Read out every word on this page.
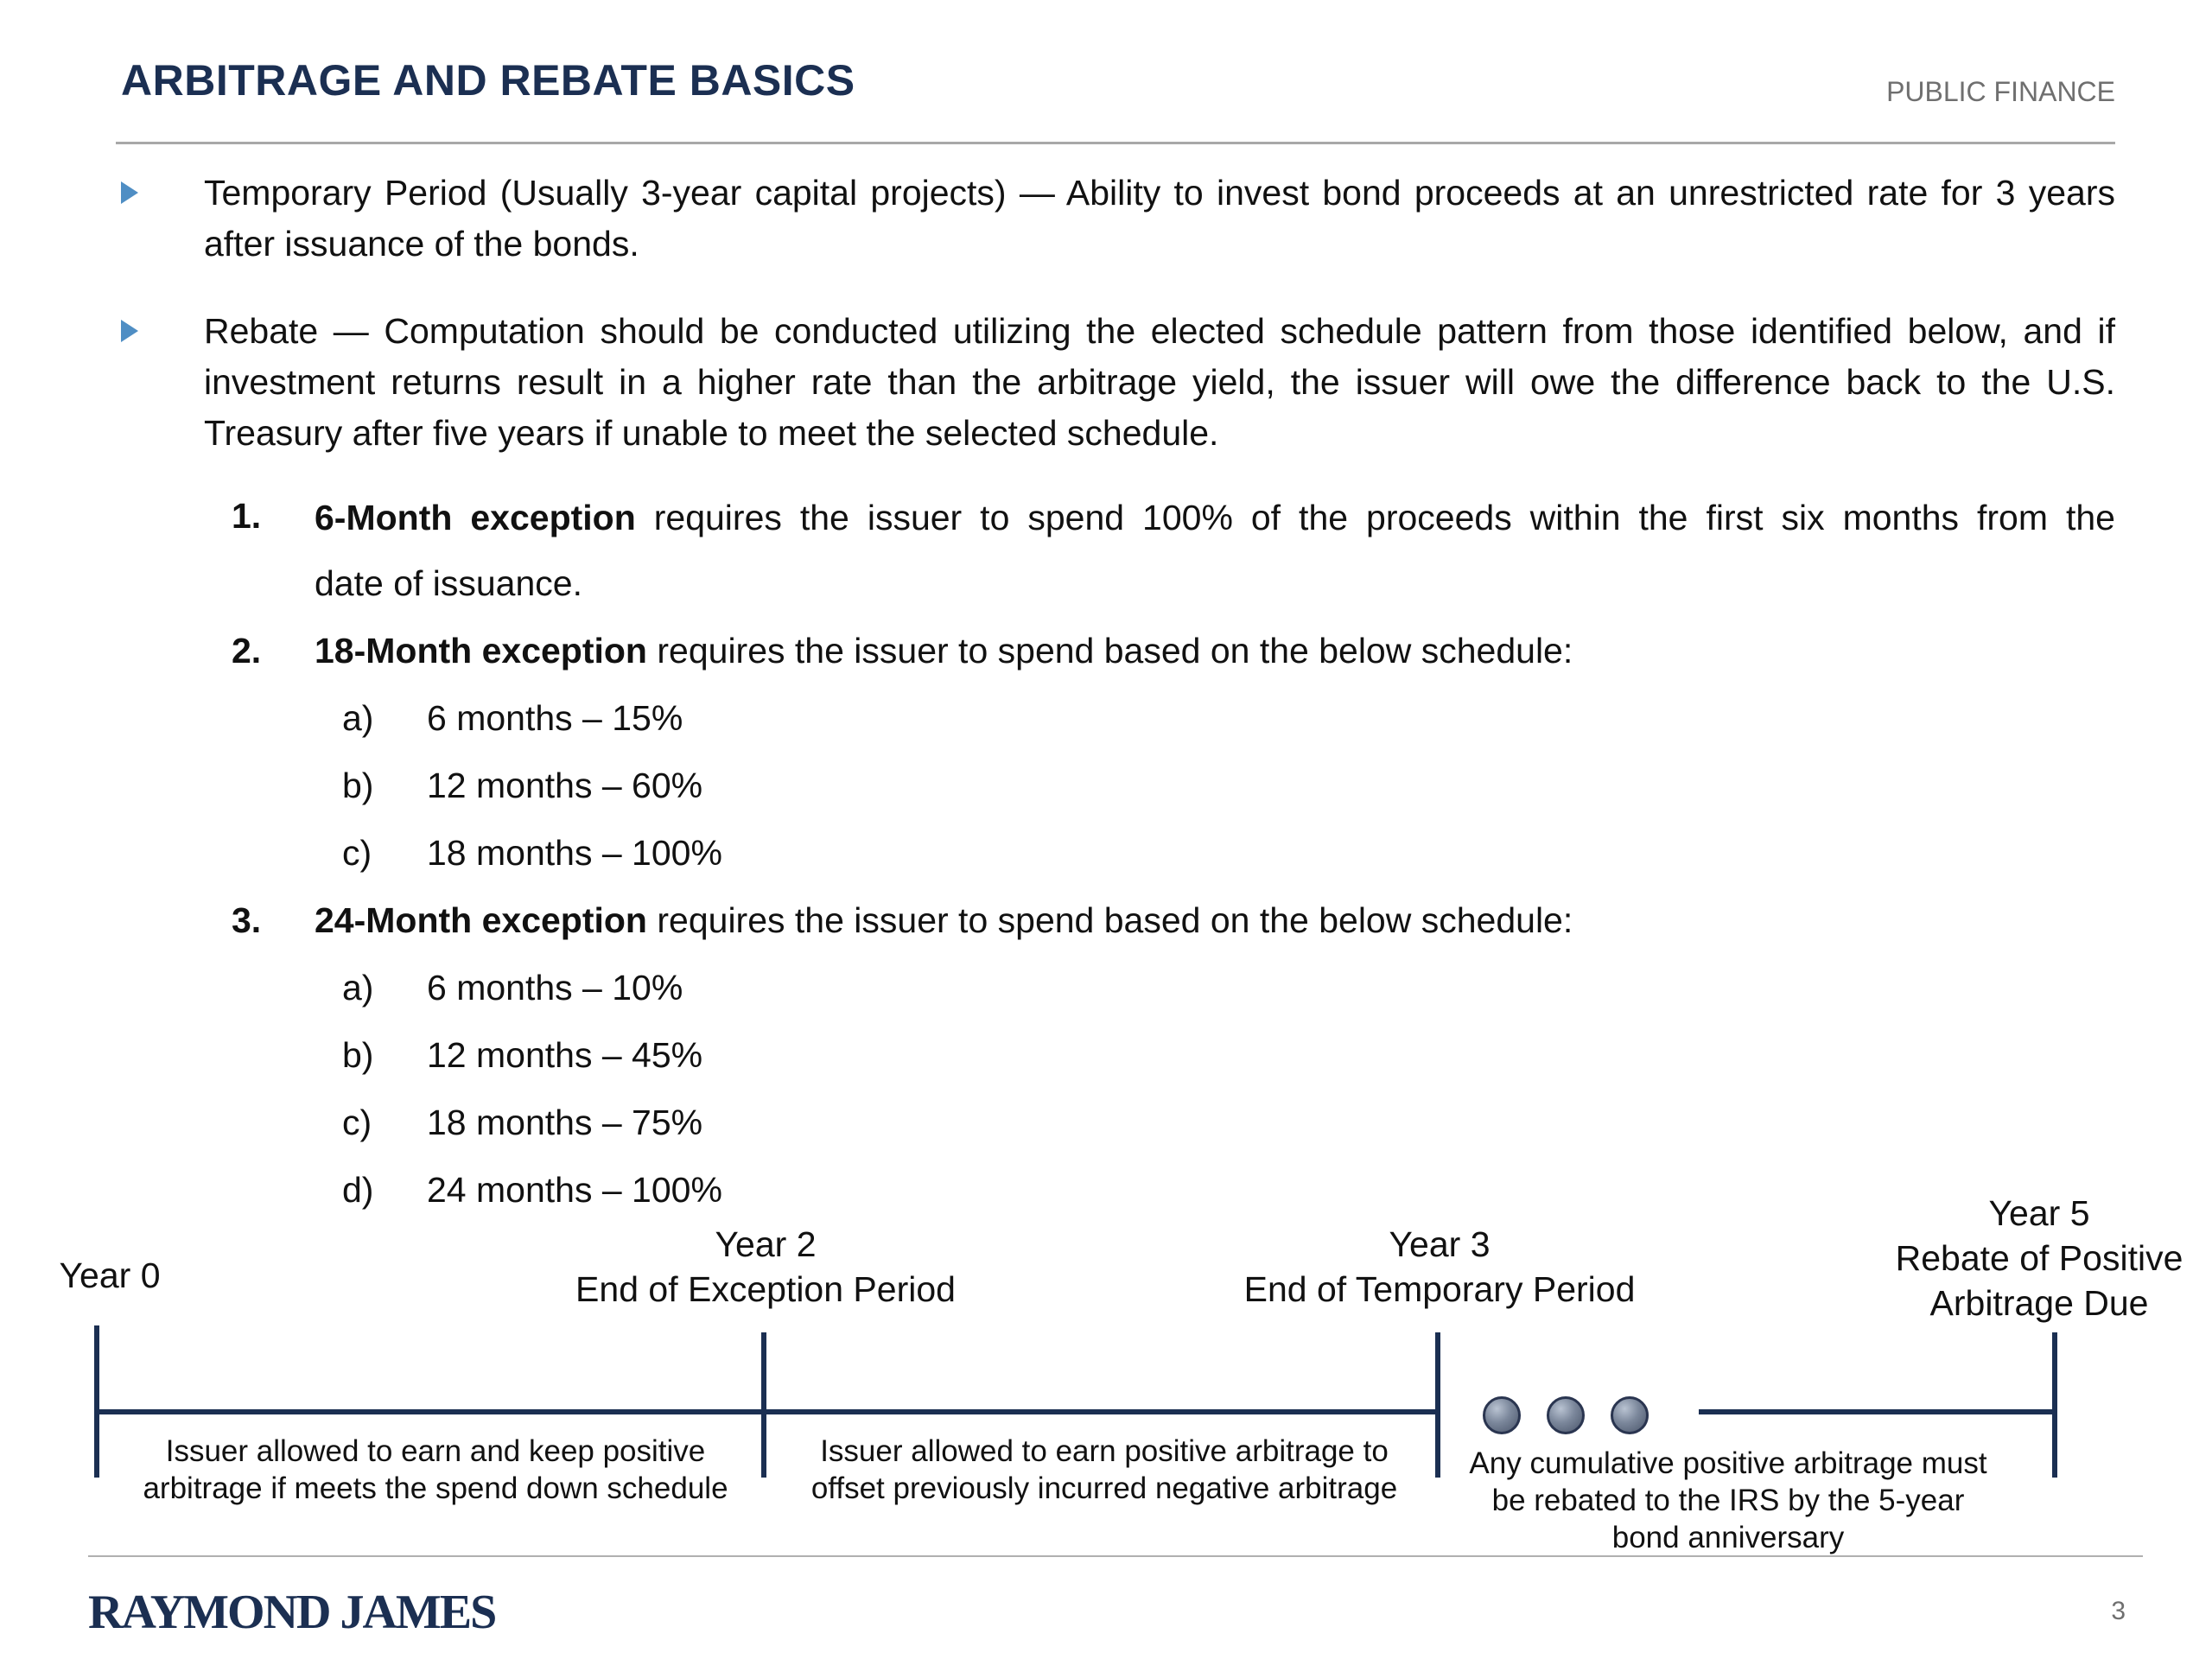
ARBITRAGE AND REBATE BASICS	PUBLIC FINANCE
Temporary Period (Usually 3-year capital projects) — Ability to invest bond proceeds at an unrestricted rate for 3 years after issuance of the bonds.
Rebate — Computation should be conducted utilizing the elected schedule pattern from those identified below, and if investment returns result in a higher rate than the arbitrage yield, the issuer will owe the difference back to the U.S. Treasury after five years if unable to meet the selected schedule.
1. 6-Month exception requires the issuer to spend 100% of the proceeds within the first six months from the
date of issuance.
2. 18-Month exception requires the issuer to spend based on the below schedule:
a) 6 months – 15%
b) 12 months – 60%
c) 18 months – 100%
3. 24-Month exception requires the issuer to spend based on the below schedule:
a) 6 months – 10%
b) 12 months – 45%
c) 18 months – 75%
d) 24 months – 100%
Year 0
Year 2
End of Exception Period
Year 3
End of Temporary Period
Year 5
Rebate of Positive
Arbitrage Due
Issuer allowed to earn and keep positive
arbitrage if meets the spend down schedule
Issuer allowed to earn positive arbitrage to
offset previously incurred negative arbitrage
Any cumulative positive arbitrage must
be rebated to the IRS by the 5-year
bond anniversary
RAYMOND JAMES	3
